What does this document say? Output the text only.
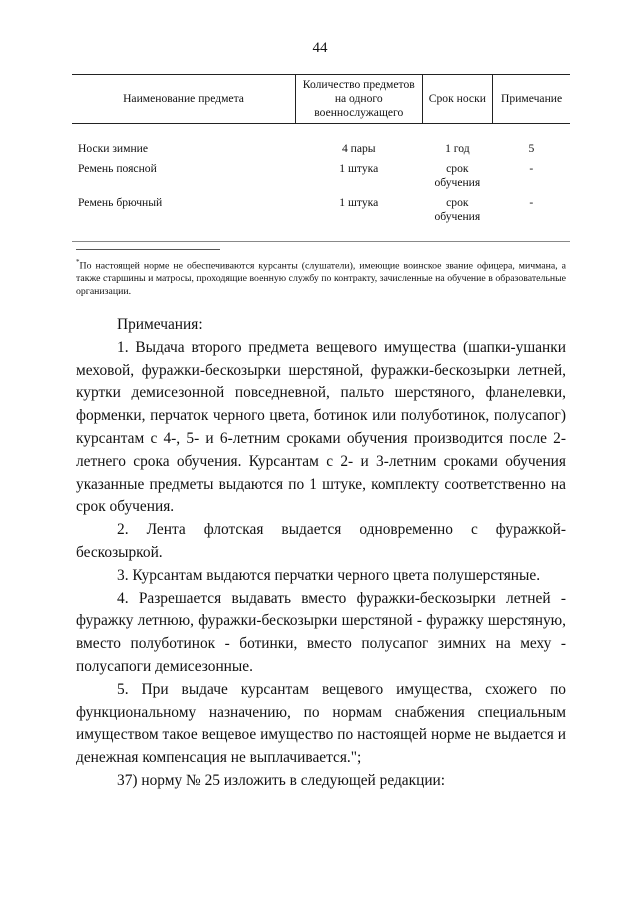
44
Наименование предмета	Количество предметов на одного военнослужащего	Срок носки	Примечание
Носки зимние	4 пары	1 год	5
Ремень поясной	1 штука	срок обучения	-
Ремень брючный	1 штука	срок обучения	-
*По настоящей норме не обеспечиваются курсанты (слушатели), имеющие воинское звание офицера, мичмана, а также старшины и матросы, проходящие военную службу по контракту, зачисленные на обучение в образовательные организации.

Примечания:

1. Выдача второго предмета вещевого имущества (шапки-ушанки меховой, фуражки-бескозырки шерстяной, фуражки-бескозырки летней, куртки демисезонной повседневной, пальто шерстяного, фланелевки, форменки, перчаток черного цвета, ботинок или полуботинок, полусапог) курсантам с 4-, 5- и 6-летним сроками обучения производится после 2-летнего срока обучения. Курсантам с 2- и 3-летним сроками обучения указанные предметы выдаются по 1 штуке, комплекту соответственно на срок обучения.

2. Лента флотская выдается одновременно с фуражкой-бескозыркой.

3. Курсантам выдаются перчатки черного цвета полушерстяные.

4. Разрешается выдавать вместо фуражки-бескозырки летней - фуражку летнюю, фуражки-бескозырки шерстяной - фуражку шерстяную, вместо полуботинок - ботинки, вместо полусапог зимних на меху - полусапоги демисезонные.

5. При выдаче курсантам вещевого имущества, схожего по функциональному назначению, по нормам снабжения специальным имуществом такое вещевое имущество по настоящей норме не выдается и денежная компенсация не выплачивается.";

37) норму № 25 изложить в следующей редакции:
